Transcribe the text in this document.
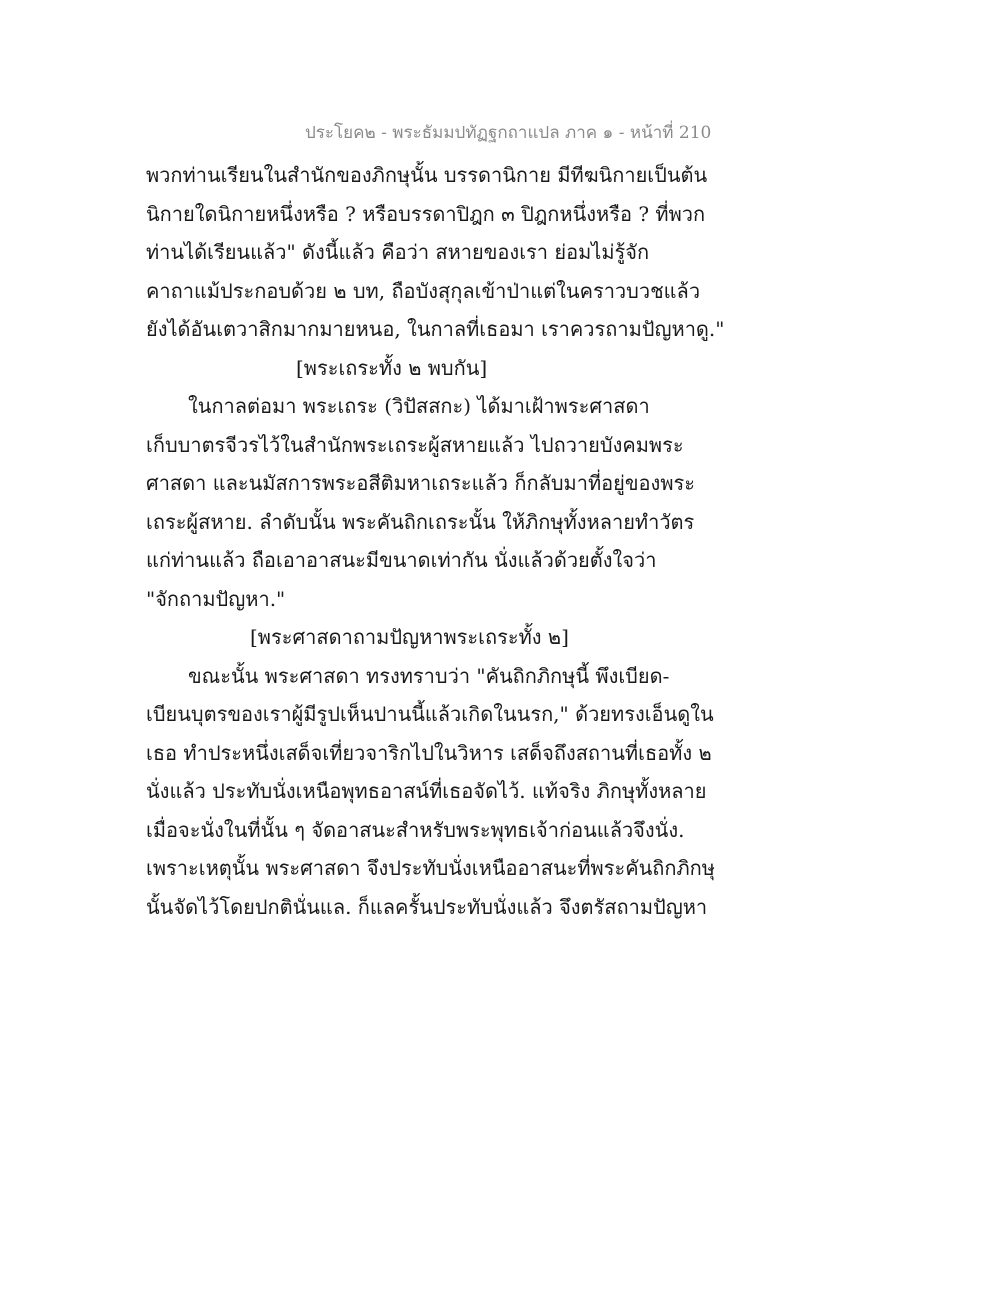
ประโยค๒ - พระธัมมปทัฏฐกถาแปล ภาค ๑ - หน้าที่ 210
พวกท่านเรียนในสำนักของภิกษุนั้น บรรดานิกาย มีทีฆนิกายเป็นต้น
นิกายใดนิกายหนึ่งหรือ ? หรือบรรดาปิฎก ๓ ปิฎกหนึ่งหรือ ? ที่พวก
ท่านได้เรียนแล้ว" ดังนี้แล้ว คือว่า สหายของเรา ย่อมไม่รู้จัก
คาถาแม้ประกอบด้วย ๒ บท, ถือบังสุกุลเข้าป่าแต่ในคราวบวชแล้ว
ยังได้อันเตวาสิกมากมายหนอ, ในกาลที่เธอมา เราควรถามปัญหาดู."
[พระเถระทั้ง ๒ พบกัน]
ในกาลต่อมา พระเถระ (วิปัสสกะ) ได้มาเฝ้าพระศาสดา
เก็บบาตรจีวรไว้ในสำนักพระเถระผู้สหายแล้ว ไปถวายบังคมพระ
ศาสดา และนมัสการพระอสีติมหาเถระแล้ว ก็กลับมาที่อยู่ของพระ
เถระผู้สหาย. ลำดับนั้น พระคันถิกเถระนั้น ให้ภิกษุทั้งหลายทำวัตร
แก่ท่านแล้ว ถือเอาอาสนะมีขนาดเท่ากัน นั่งแล้วด้วยตั้งใจว่า
"จักถามปัญหา."
[พระศาสดาถามปัญหาพระเถระทั้ง ๒]
ขณะนั้น พระศาสดา ทรงทราบว่า "คันถิกภิกษุนี้ พึงเบียด-
เบียนบุตรของเราผู้มีรูปเห็นปานนี้แล้วเกิดในนรก," ด้วยทรงเอ็นดูใน
เธอ ทำประหนึ่งเสด็จเที่ยวจาริกไปในวิหาร เสด็จถึงสถานที่เธอทั้ง ๒
นั่งแล้ว ประทับนั่งเหนือพุทธอาสน์ที่เธอจัดไว้. แท้จริง ภิกษุทั้งหลาย
เมื่อจะนั่งในที่นั้น ๆ จัดอาสนะสำหรับพระพุทธเจ้าก่อนแล้วจึงนั่ง.
เพราะเหตุนั้น พระศาสดา จึงประทับนั่งเหนืออาสนะที่พระคันถิกภิกษุ
นั้นจัดไว้โดยปกตินั่นแล. ก็แลครั้นประทับนั่งแล้ว จึงตรัสถามปัญหา
